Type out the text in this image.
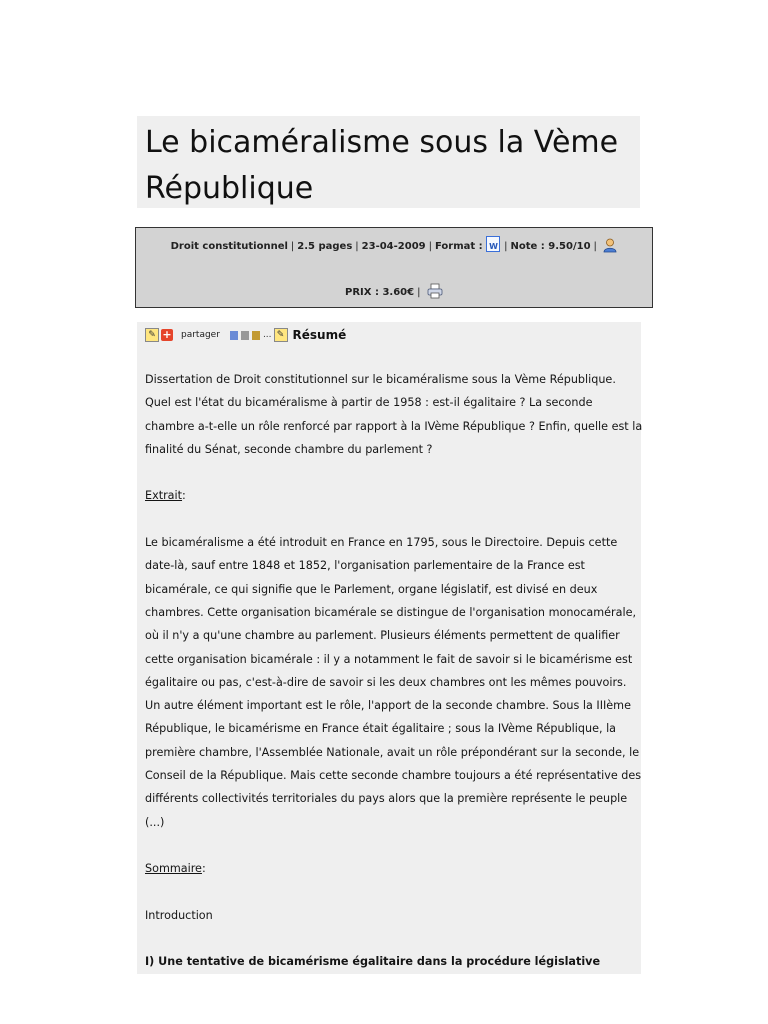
Le bicaméralisme sous la Vème République
Droit constitutionnel | 2.5 pages | 23-04-2009 | Format : W | Note : 9.50/10 |
PRIX : 3.60€ |
✎ + partager	... ✎ Résumé

Dissertation de Droit constitutionnel sur le bicaméralisme sous la Vème République. Quel est l'état du bicaméralisme à partir de 1958 : est-il égalitaire ? La seconde chambre a-t-elle un rôle renforcé par rapport à la IVème République ? Enfin, quelle est la finalité du Sénat, seconde chambre du parlement ?

Extrait:

Le bicaméralisme a été introduit en France en 1795, sous le Directoire. Depuis cette date-là, sauf entre 1848 et 1852, l'organisation parlementaire de la France est bicamérale, ce qui signifie que le Parlement, organe législatif, est divisé en deux chambres. Cette organisation bicamérale se distingue de l'organisation monocamérale, où il n'y a qu'une chambre au parlement. Plusieurs éléments permettent de qualifier cette organisation bicamérale : il y a notamment le fait de savoir si le bicamérisme est égalitaire ou pas, c'est-à-dire de savoir si les deux chambres ont les mêmes pouvoirs. Un autre élément important est le rôle, l'apport de la seconde chambre. Sous la IIIème République, le bicamérisme en France était égalitaire ; sous la IVème République, la première chambre, l'Assemblée Nationale, avait un rôle prépondérant sur la seconde, le Conseil de la République. Mais cette seconde chambre toujours a été représentative des différents collectivités territoriales du pays alors que la première représente le peuple (...)

Sommaire:

Introduction

I) Une tentative de bicamérisme égalitaire dans la procédure législative
